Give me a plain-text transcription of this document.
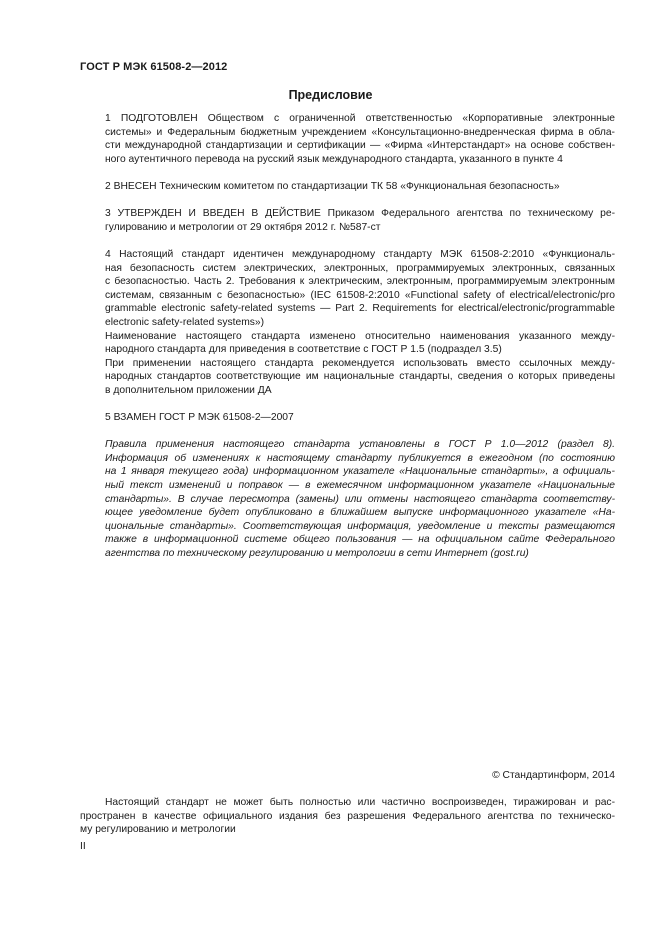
ГОСТ Р МЭК 61508-2—2012
Предисловие

1 ПОДГОТОВЛЕН Обществом с ограниченной ответственностью «Корпоративные электронные
системы» и Федеральным бюджетным учреждением «Консультационно-внедренческая фирма в обла-
сти международной стандартизации и сертификации — «Фирма «Интерстандарт» на основе собствен-
ного аутентичного перевода на русский язык международного стандарта, указанного в пункте 4

2 ВНЕСЕН Техническим комитетом по стандартизации ТК 58 «Функциональная безопасность»

3 УТВЕРЖДЕН И ВВЕДЕН В ДЕЙСТВИЕ Приказом Федерального агентства по техническому ре-
гулированию и метрологии от 29 октября 2012 г. №587-ст

4 Настоящий стандарт идентичен международному стандарту МЭК 61508-2:2010 «Функциональ-
ная безопасность систем электрических, электронных, программируемых электронных, связанных
с безопасностью. Часть 2. Требования к электрическим, электронным, программируемым электронным
системам, связанным с безопасностью» (IEC 61508-2:2010 «Functional safety of electrical/electronic/pro
grammable electronic safety-related systems — Part 2. Requirements for electrical/electronic/programmable
electronic safety-related systems»)

Наименование настоящего стандарта изменено относительно наименования указанного между-
народного стандарта для приведения в соответствие с ГОСТ Р 1.5 (подраздел 3.5)

При применении настоящего стандарта рекомендуется использовать вместо ссылочных между-
народных стандартов соответствующие им национальные стандарты, сведения о которых приведены
в дополнительном приложении ДА

5 ВЗАМЕН ГОСТ Р МЭК 61508-2—2007

Правила применения настоящего стандарта установлены в ГОСТ Р 1.0—2012 (раздел 8).
Информация об изменениях к настоящему стандарту публикуется в ежегодном (по состоянию
на 1 января текущего года) информационном указателе «Национальные стандарты», а официаль-
ный текст изменений и поправок — в ежемесячном информационном указателе «Национальные
стандарты». В случае пересмотра (замены) или отмены настоящего стандарта соответству-
ющее уведомление будет опубликовано в ближайшем выпуске информационного указателе «На-
циональные стандарты». Соответствующая информация, уведомление и тексты размещаются
также в информационной системе общего пользования — на официальном сайте Федерального
агентства по техническому регулированию и метрологии в сети Интернет (gost.ru)

© Стандартинформ, 2014
Настоящий стандарт не может быть полностью или частично воспроизведен, тиражирован и рас-
пространен в качестве официального издания без разрешения Федерального агентства по техническо-
му регулированию и метрологии
II
